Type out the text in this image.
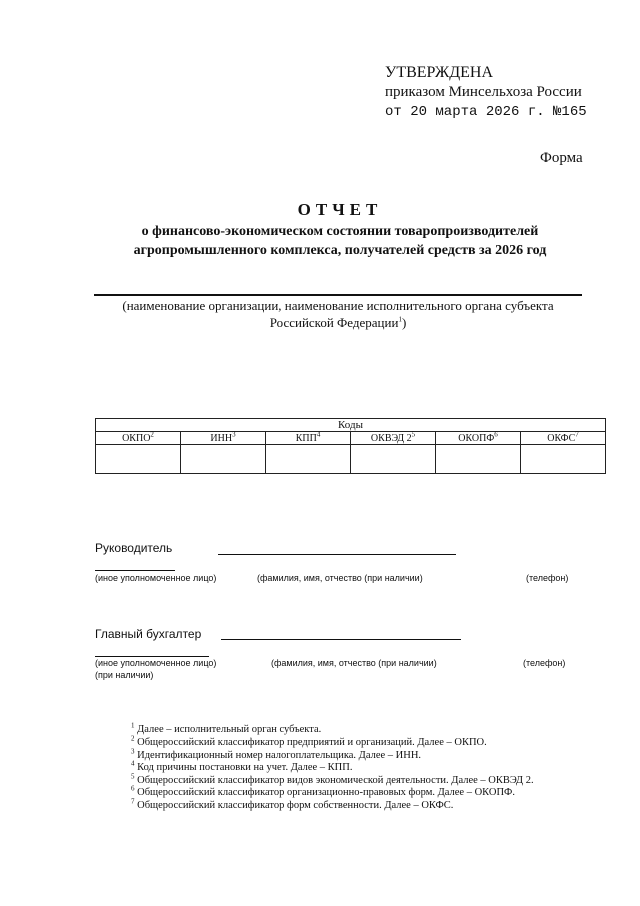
УТВЕРЖДЕНА
приказом Минсельхоза России
от 20 марта 2026 г. №165
Форма
ОТЧЕТ
о финансово-экономическом состоянии товаропроизводителей
агропромышленного комплекса, получателей средств за 2026 год
(наименование организации, наименование исполнительного органа субъекта
Российской Федерации$^1$)
Коды					
ОКПО$^2$	ИНН$^3$	КПП$^4$	ОКВЭД $2^5$	ОКОПФ$^6$	ОКФС$^7$

Руководитель
(иное уполномоченное лицо)	(фамилия, имя, отчество (при наличии)	(телефон)
Главный бухгалтер
(иное уполномоченное лицо)
(при наличии)
(фамилия, имя, отчество (при наличии)	(телефон)
$^1$ Далее – исполнительный орган субъекта.
$^2$ Общероссийский классификатор предприятий и организаций. Далее – ОКПО.
$^3$ Идентификационный номер налогоплательщика. Далее – ИНН.
$^4$ Код причины постановки на учет. Далее – КПП.
$^5$ Общероссийский классификатор видов экономической деятельности. Далее – ОКВЭД 2.
$^6$ Общероссийский классификатор организационно-правовых форм. Далее – ОКОПФ.
$^7$ Общероссийский классификатор форм собственности. Далее – ОКФС.
